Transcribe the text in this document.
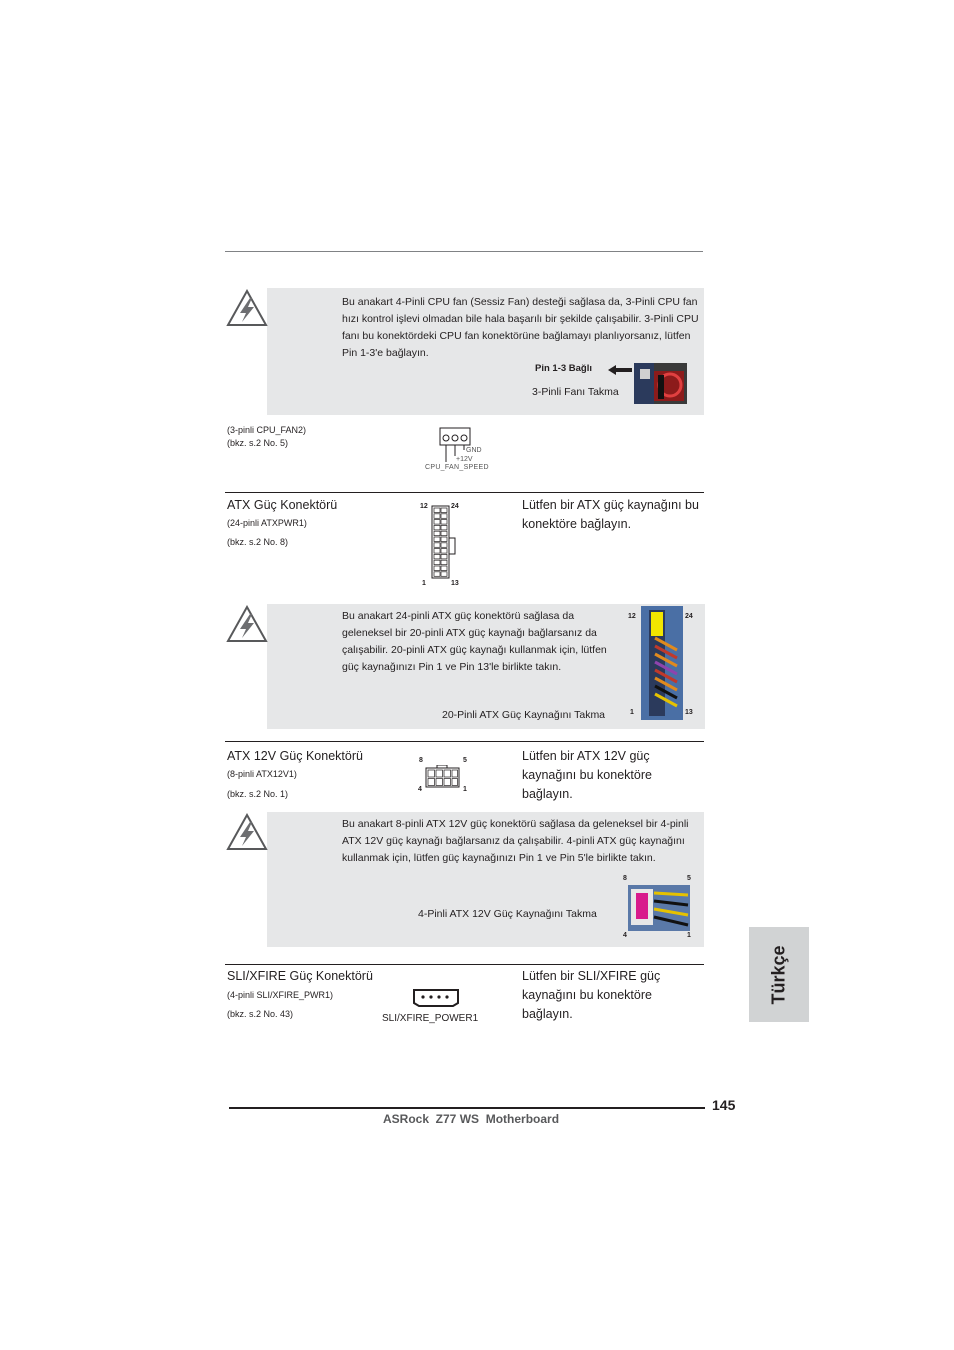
Bu anakart 4-Pinli CPU fan (Sessiz Fan) desteği sağlasa da, 3-Pinli CPU fan hızı kontrol işlevi olmadan bile hala başarılı bir şekilde çalışabilir. 3-Pinli CPU fanı bu konektördeki CPU fan konektörüne bağlamayı planlıyorsanız, lütfen Pin 1-3'e bağlayın.
Pin 1-3 Bağlı
3-Pinli Fanı Takma
(3-pinli CPU_FAN2)
(bkz. s.2 No. 5)
GND
+12V
CPU_FAN_SPEED
ATX Güç Konektörü
(24-pinli ATXPWR1)
(bkz. s.2 No. 8)
Lütfen bir ATX güç kaynağını bu konektöre bağlayın.
12	24
1	13
Bu anakart 24-pinli ATX güç konektörü sağlasa da geleneksel bir 20-pinli ATX güç kaynağı bağlarsanız da çalışabilir. 20-pinli ATX güç kaynağı kullanmak için, lütfen güç kaynağınızı Pin 1 ve Pin 13'le birlikte takın.
20-Pinli ATX Güç Kaynağını Takma
12	24
1	13
ATX 12V Güç Konektörü
(8-pinli ATX12V1)
(bkz. s.2 No. 1)
Lütfen bir ATX 12V güç kaynağını bu konektöre bağlayın.
8	5
4	1
Bu anakart 8-pinli ATX 12V güç konektörü sağlasa da geleneksel bir 4-pinli ATX 12V güç kaynağı bağlarsanız da çalışabilir. 4-pinli ATX güç kaynağını kullanmak için, lütfen güç kaynağınızı Pin 1 ve Pin 5'le birlikte takın.
4-Pinli ATX 12V Güç Kaynağını Takma
8	5
4	1
SLI/XFIRE Güç Konektörü
(4-pinli SLI/XFIRE_PWR1)
(bkz. s.2 No. 43)
Lütfen bir SLI/XFIRE güç kaynağını bu konektöre bağlayın.
SLI/XFIRE_POWER1
Türkçe
145
ASRock  Z77 WS  Motherboard
